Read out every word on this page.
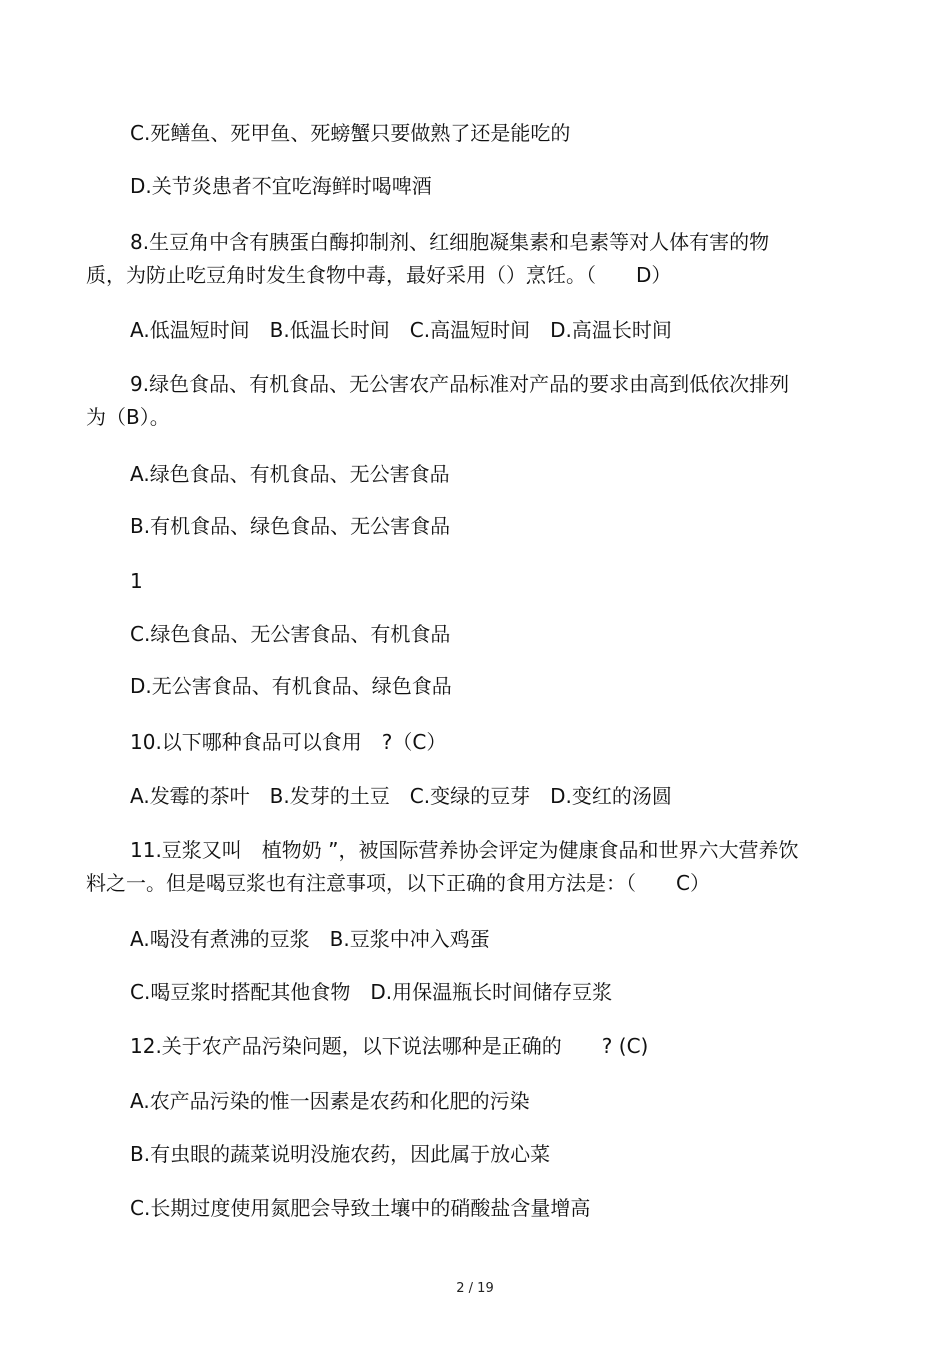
C.死鳝鱼、死甲鱼、死螃蟹只要做熟了还是能吃的
D.关节炎患者不宜吃海鲜时喝啤酒
8.生豆角中含有胰蛋白酶抑制剂、红细胞凝集素和皂素等对人体有害的物
质，为防止吃豆角时发生食物中毒，最好采用（）烹饪。（　　D）
A.低温短时间　B.低温长时间　C.高温短时间　D.高温长时间
9.绿色食品、有机食品、无公害农产品标准对产品的要求由高到低依次排列
为（B）。
A.绿色食品、有机食品、无公害食品
B.有机食品、绿色食品、无公害食品
1
C.绿色食品、无公害食品、有机食品
D.无公害食品、有机食品、绿色食品
10.以下哪种食品可以食用　?（C）
A.发霉的茶叶　B.发芽的土豆　C.变绿的豆芽　D.变红的汤圆
11.豆浆又叫　植物奶 ”，被国际营养协会评定为健康食品和世界六大营养饮
料之一。但是喝豆浆也有注意事项，以下正确的食用方法是：（　　C）
A.喝没有煮沸的豆浆　B.豆浆中冲入鸡蛋
C.喝豆浆时搭配其他食物　D.用保温瓶长时间储存豆浆
12.关于农产品污染问题，以下说法哪种是正确的　　? (C)
A.农产品污染的惟一因素是农药和化肥的污染
B.有虫眼的蔬菜说明没施农药，因此属于放心菜
C.长期过度使用氮肥会导致土壤中的硝酸盐含量增高
2 / 19
